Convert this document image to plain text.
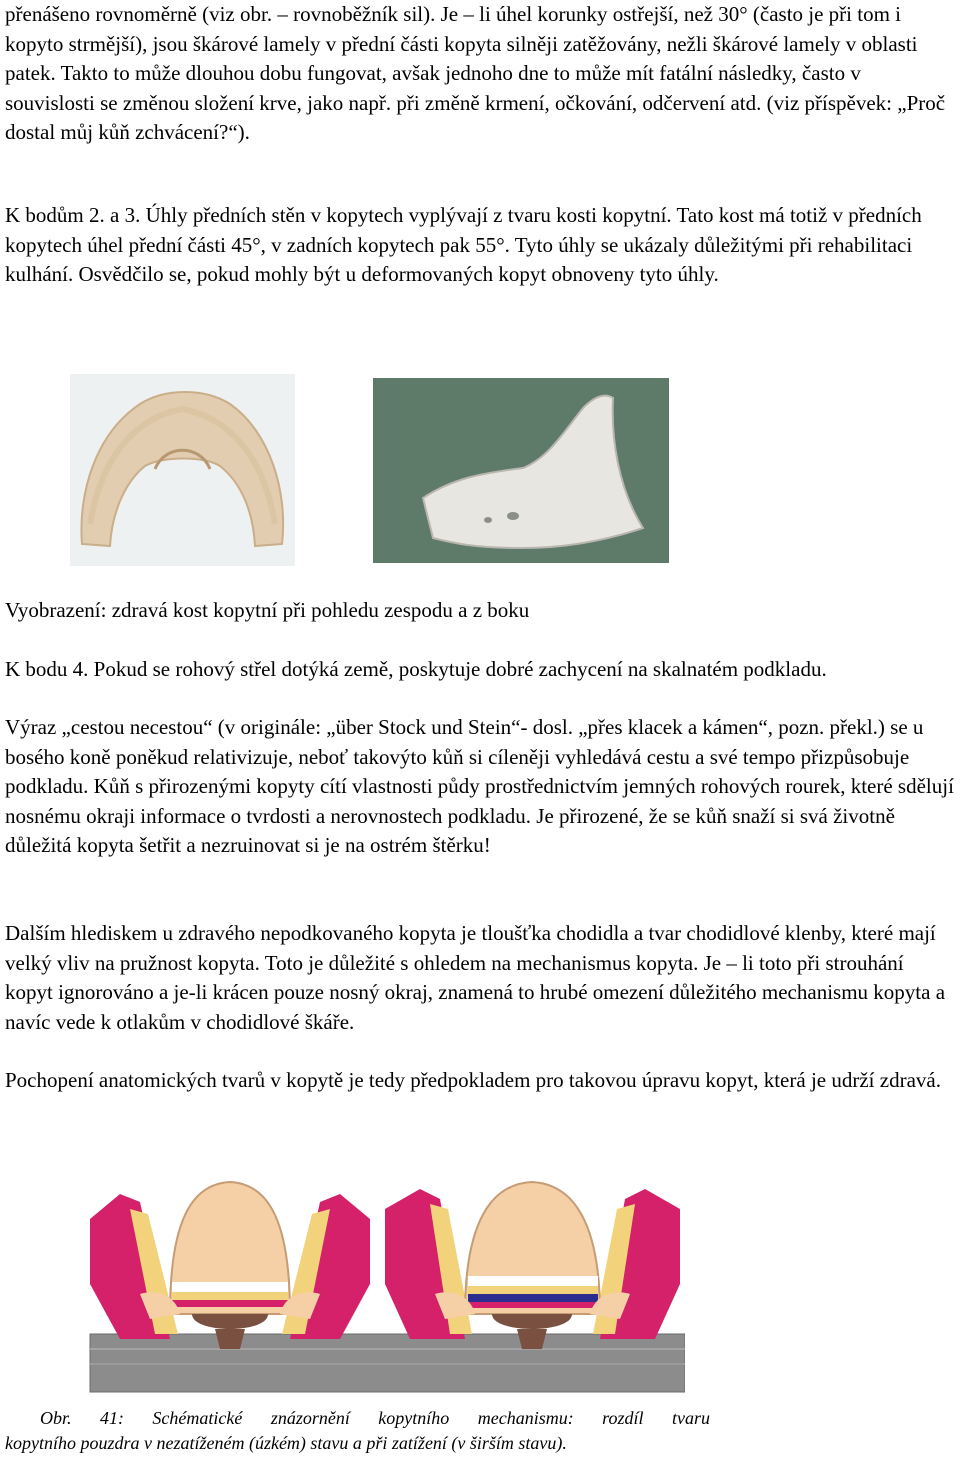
přenášeno rovnoměrně (viz obr. – rovnoběžník sil). Je – li úhel korunky ostřejší, než 30° (často je při tom i kopyto strmější), jsou škárové lamely v přední části kopyta silněji zatěžovány, nežli škárové lamely v oblasti patek. Takto to může dlouhou dobu fungovat, avšak jednoho dne to může mít fatální následky, často v souvislosti se změnou složení krve, jako např. při změně krmení, očkování, odčervení atd. (viz příspěvek: „Proč dostal můj kůň zchvácení?“).

K bodům 2. a 3. Úhly předních stěn v kopytech vyplývají z tvaru kosti kopytní. Tato kost má totiž v předních kopytech úhel přední části 45°, v zadních kopytech pak 55°. Tyto úhly se ukázaly důležitými při rehabilitaci kulhání. Osvědčilo se, pokud mohly být u deformovaných kopyt obnoveny tyto úhly.

Vyobrazení: zdravá kost kopytní při pohledu zespodu a z boku

K bodu 4. Pokud se rohový střel dotýká země, poskytuje dobré zachycení na skalnatém podkladu.

Výraz „cestou necestou“ (v originále: „über Stock und Stein“- dosl. „přes klacek a kámen“, pozn. překl.) se u bosého koně poněkud relativizuje, neboť takovýto kůň si cíleněji vyhledává cestu a své tempo přizpůsobuje podkladu. Kůň s přirozenými kopyty cítí vlastnosti půdy prostřednictvím jemných rohových rourek, které sdělují nosnému okraji informace o tvrdosti a nerovnostech podkladu. Je přirozené, že se kůň snaží si svá životně důležitá kopyta šetřit a nezruinovat si je na ostrém štěrku!

Dalším hlediskem u zdravého nepodkovaného kopyta je tloušťka chodidla a tvar chodidlové klenby, které mají velký vliv na pružnost kopyta. Toto je důležité s ohledem na mechanismus kopyta. Je – li toto při strouhání kopyt ignorováno a je-li krácen pouze nosný okraj, znamená to hrubé omezení důležitého mechanismu kopyta a navíc vede k otlakům v chodidlové škáře.

Pochopení anatomických tvarů v kopytě je tedy předpokladem pro takovou úpravu kopyt, která je udrží zdravá.

Obr. 41: Schématické znázornění kopytního mechanismu: rozdíl tvaru
kopytního pouzdra v nezatíženém (úzkém) stavu a při zatížení (v širším stavu).
